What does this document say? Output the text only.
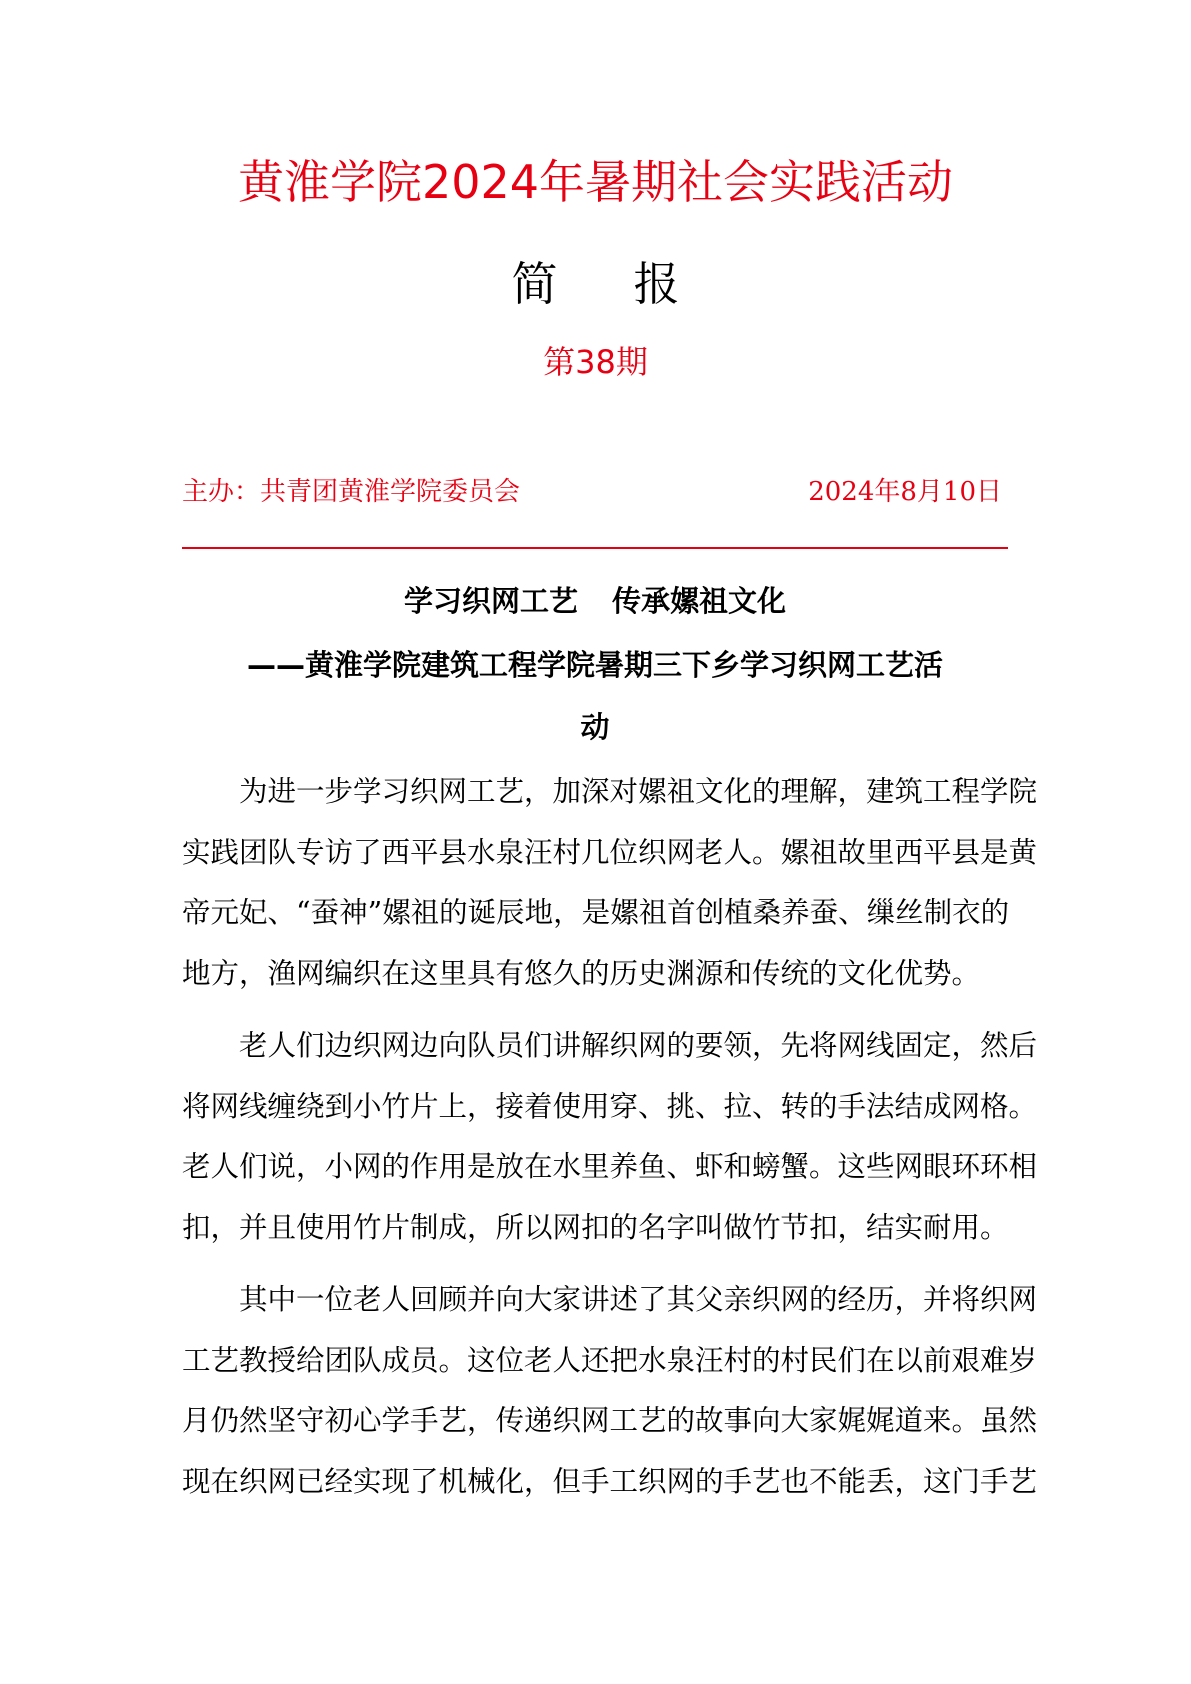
黄淮学院2024年暑期社会实践活动
简 报
第38期
主办：共青团黄淮学院委员会	2024年8月10日
学习织网工艺 传承嫘祖文化
——黄淮学院建筑工程学院暑期三下乡学习织网工艺活
动

为进一步学习织网工艺，加深对嫘祖文化的理解，建筑工程学院
实践团队专访了西平县水泉汪村几位织网老人。嫘祖故里西平县是黄
帝元妃、“蚕神”嫘祖的诞辰地，是嫘祖首创植桑养蚕、缫丝制衣的
地方，渔网编织在这里具有悠久的历史渊源和传统的文化优势。

老人们边织网边向队员们讲解织网的要领，先将网线固定，然后
将网线缠绕到小竹片上，接着使用穿、挑、拉、转的手法结成网格。
老人们说，小网的作用是放在水里养鱼、虾和螃蟹。这些网眼环环相
扣，并且使用竹片制成，所以网扣的名字叫做竹节扣，结实耐用。

其中一位老人回顾并向大家讲述了其父亲织网的经历，并将织网
工艺教授给团队成员。这位老人还把水泉汪村的村民们在以前艰难岁
月仍然坚守初心学手艺，传递织网工艺的故事向大家娓娓道来。虽然
现在织网已经实现了机械化，但手工织网的手艺也不能丢，这门手艺
